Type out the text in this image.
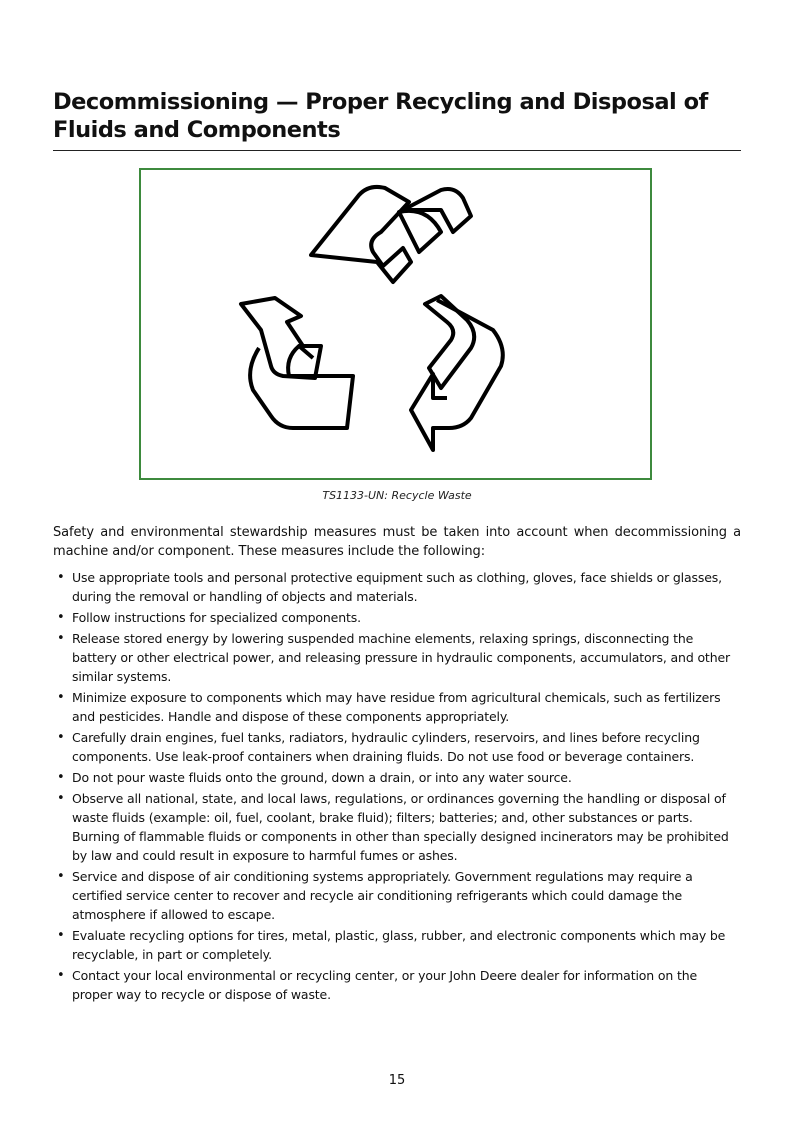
Decommissioning — Proper Recycling and Disposal of Fluids and Components
TS1133-UN: Recycle Waste

Safety and environmental stewardship measures must be taken into account when decommissioning a machine and/or component. These measures include the following:

• Use appropriate tools and personal protective equipment such as clothing, gloves, face shields or glasses, during the removal or handling of objects and materials.
• Follow instructions for specialized components.
• Release stored energy by lowering suspended machine elements, relaxing springs, disconnecting the battery or other electrical power, and releasing pressure in hydraulic components, accumulators, and other similar systems.
• Minimize exposure to components which may have residue from agricultural chemicals, such as fertilizers and pesticides. Handle and dispose of these components appropriately.
• Carefully drain engines, fuel tanks, radiators, hydraulic cylinders, reservoirs, and lines before recycling components. Use leak-proof containers when draining fluids. Do not use food or beverage containers.
• Do not pour waste fluids onto the ground, down a drain, or into any water source.
• Observe all national, state, and local laws, regulations, or ordinances governing the handling or disposal of waste fluids (example: oil, fuel, coolant, brake fluid); filters; batteries; and, other substances or parts. Burning of flammable fluids or components in other than specially designed incinerators may be prohibited by law and could result in exposure to harmful fumes or ashes.
• Service and dispose of air conditioning systems appropriately. Government regulations may require a certified service center to recover and recycle air conditioning refrigerants which could damage the atmosphere if allowed to escape.
• Evaluate recycling options for tires, metal, plastic, glass, rubber, and electronic components which may be recyclable, in part or completely.
• Contact your local environmental or recycling center, or your John Deere dealer for information on the proper way to recycle or dispose of waste.
15
